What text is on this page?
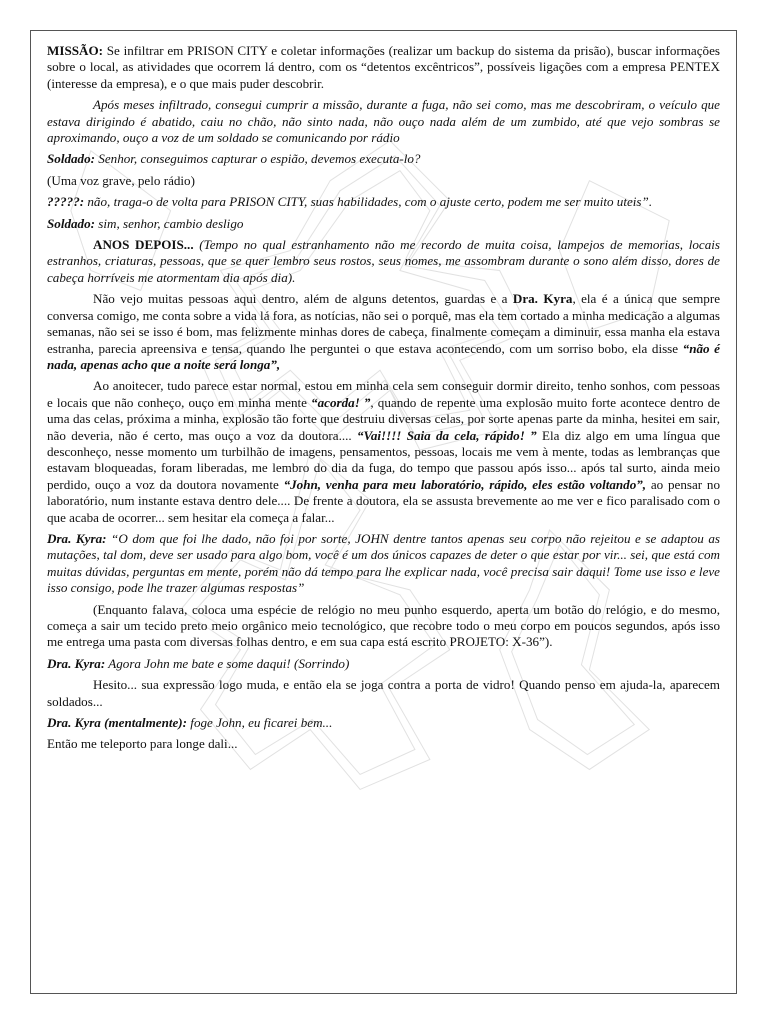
MISSÃO: Se infiltrar em PRISON CITY e coletar informações (realizar um backup do sistema da prisão), buscar informações sobre o local, as atividades que ocorrem lá dentro, com os “detentos excêntricos”, possíveis ligações com a empresa PENTEX (interesse da empresa), e o que mais puder descobrir.

Após meses infiltrado, consegui cumprir a missão, durante a fuga, não sei como, mas me descobriram, o veículo que estava dirigindo é abatido, caiu no chão, não sinto nada, não ouço nada além de um zumbido, até que vejo sombras se aproximando, ouço a voz de um soldado se comunicando por rádio

Soldado: Senhor, conseguimos capturar o espião, devemos executa-lo?

(Uma voz grave, pelo rádio)

?????: não, traga-o de volta para PRISON CITY, suas habilidades, com o ajuste certo, podem me ser muito uteis”.

Soldado: sim, senhor, cambio desligo

ANOS DEPOIS... (Tempo no qual estranhamento não me recordo de muita coisa, lampejos de memorias, locais estranhos, criaturas, pessoas, que se quer lembro seus rostos, seus nomes, me assombram durante o sono além disso, dores de cabeça horríveis me atormentam dia após dia).

Não vejo muitas pessoas aqui dentro, além de alguns detentos, guardas e a Dra. Kyra, ela é a única que sempre conversa comigo, me conta sobre a vida lá fora, as notícias, não sei o porquê, mas ela tem cortado a minha medicação a algumas semanas, não sei se isso é bom, mas felizmente minhas dores de cabeça, finalmente começam a diminuir, essa manha ela estava estranha, parecia apreensiva e tensa, quando lhe perguntei o que estava acontecendo, com um sorriso bobo, ela disse “não é nada, apenas acho que a noite será longa”,

Ao anoitecer, tudo parece estar normal, estou em minha cela sem conseguir dormir direito, tenho sonhos, com pessoas e locais que não conheço, ouço em minha mente “acorda! ”, quando de repente uma explosão muito forte acontece dentro de uma das celas, próxima a minha, explosão tão forte que destruiu diversas celas, por sorte apenas parte da minha, hesitei em sair, não deveria, não é certo, mas ouço a voz da doutora.... “Vai!!!! Saia da cela, rápido! ” Ela diz algo em uma língua que desconheço, nesse momento um turbilhão de imagens, pensamentos, pessoas, locais me vem à mente, todas as lembranças que estavam bloqueadas, foram liberadas, me lembro do dia da fuga, do tempo que passou após isso... após tal surto, ainda meio perdido, ouço a voz da doutora novamente “John, venha para meu laboratório, rápido, eles estão voltando”, ao pensar no laboratório, num instante estava dentro dele.... De frente a doutora, ela se assusta brevemente ao me ver e fico paralisado com o que acaba de ocorrer... sem hesitar ela começa a falar...

Dra. Kyra: “O dom que foi lhe dado, não foi por sorte, JOHN dentre tantos apenas seu corpo não rejeitou e se adaptou as mutações, tal dom, deve ser usado para algo bom, você é um dos únicos capazes de deter o que estar por vir... sei, que está com muitas dúvidas, perguntas em mente, porém não dá tempo para lhe explicar nada, você precisa sair daqui! Tome use isso e leve isso consigo, pode lhe trazer algumas respostas”

(Enquanto falava, coloca uma espécie de relógio no meu punho esquerdo, aperta um botão do relógio, e do mesmo, começa a sair um tecido preto meio orgânico meio tecnológico, que recobre todo o meu corpo em poucos segundos, após isso me entrega uma pasta com diversas folhas dentro, e em sua capa está escrito PROJETO: X-36”).

Dra. Kyra: Agora John me bate e some daqui! (Sorrindo)

Hesito... sua expressão logo muda, e então ela se joga contra a porta de vidro! Quando penso em ajuda-la, aparecem soldados...

Dra. Kyra (mentalmente): foge John, eu ficarei bem...

Então me teleporto para longe dali...
